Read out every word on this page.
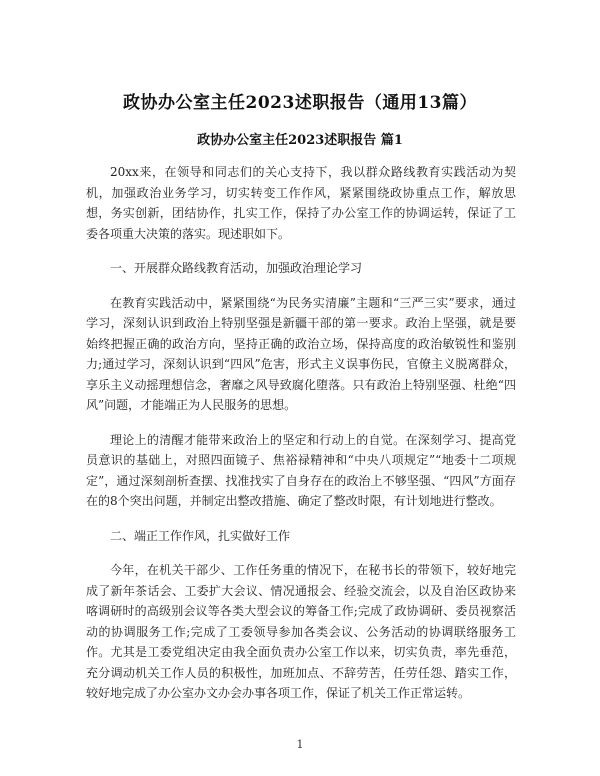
政协办公室主任2023述职报告（通用13篇）
政协办公室主任2023述职报告 篇1

20xx来，在领导和同志们的关心支持下，我以群众路线教育实践活动为契机，加强政治业务学习，切实转变工作作风，紧紧围绕政协重点工作，解放思想，务实创新，团结协作，扎实工作，保持了办公室工作的协调运转，保证了工委各项重大决策的落实。现述职如下。

一、开展群众路线教育活动，加强政治理论学习

在教育实践活动中，紧紧围绕“为民务实清廉”主题和“三严三实”要求，通过学习，深刻认识到政治上特别坚强是新疆干部的第一要求。政治上坚强，就是要始终把握正确的政治方向，坚持正确的政治立场，保持高度的政治敏锐性和鉴别力;通过学习，深刻认识到“四风”危害，形式主义误事伤民，官僚主义脱离群众，享乐主义动摇理想信念，奢靡之风导致腐化堕落。只有政治上特别坚强、杜绝“四风”问题，才能端正为人民服务的思想。

理论上的清醒才能带来政治上的坚定和行动上的自觉。在深刻学习、提高党员意识的基础上，对照四面镜子、焦裕禄精神和“中央八项规定”“地委十二项规定”，通过深刻剖析查摆、找准找实了自身存在的政治上不够坚强、“四风”方面存在的8个突出问题，并制定出整改措施、确定了整改时限，有计划地进行整改。

二、端正工作作风，扎实做好工作

今年，在机关干部少、工作任务重的情况下，在秘书长的带领下，较好地完成了新年茶话会、工委扩大会议、情况通报会、经验交流会，以及自治区政协来喀调研时的高级别会议等各类大型会议的筹备工作;完成了政协调研、委员视察活动的协调服务工作;完成了工委领导参加各类会议、公务活动的协调联络服务工作。尤其是工委党组决定由我全面负责办公室工作以来，切实负责，率先垂范，充分调动机关工作人员的积极性，加班加点、不辞劳苦，任劳任怨、踏实工作，较好地完成了办公室办文办会办事各项工作，保证了机关工作正常运转。

1
